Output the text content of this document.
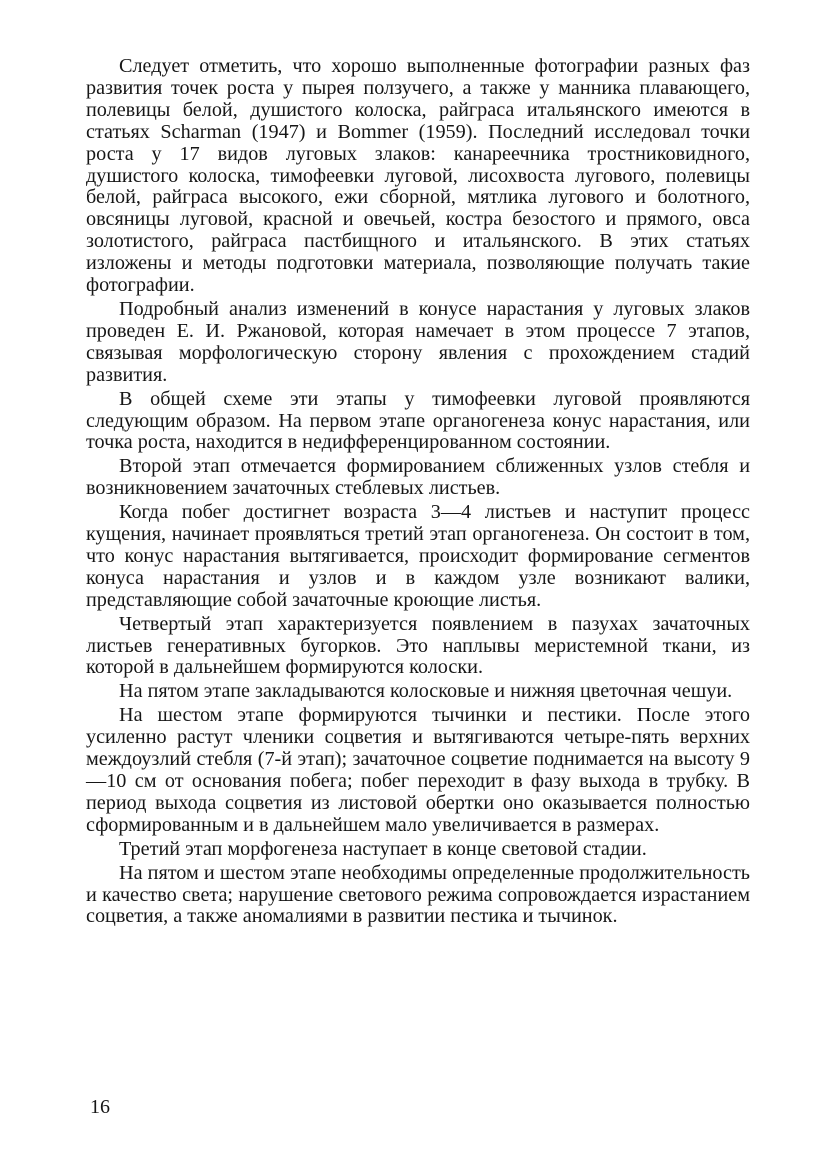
Следует отметить, что хорошо выполненные фотографии разных фаз развития точек роста у пырея ползучего, а также у манника плавающего, полевицы белой, душистого колоска, райграса итальянского имеются в статьях Scharman (1947) и Bommer (1959). Последний исследовал точки роста у 17 видов луговых злаков: канареечника тростниковидного, душистого колоска, тимофеевки луговой, лисохвоста лугового, полевицы белой, райграса высокого, ежи сборной, мятлика лугового и болотного, овсяницы луговой, красной и овечьей, костра безостого и прямого, овса золотистого, райграса пастбищного и итальянского. В этих статьях изложены и методы подготовки материала, позволяющие получать такие фотографии.

Подробный анализ изменений в конусе нарастания у луговых злаков проведен Е. И. Ржановой, которая намечает в этом процессе 7 этапов, связывая морфологическую сторону явления с прохождением стадий развития.

В общей схеме эти этапы у тимофеевки луговой проявляются следующим образом. На первом этапе органогенеза конус нарастания, или точка роста, находится в недифференцированном состоянии.

Второй этап отмечается формированием сближенных узлов стебля и возникновением зачаточных стеблевых листьев.

Когда побег достигнет возраста 3—4 листьев и наступит процесс кущения, начинает проявляться третий этап органогенеза. Он состоит в том, что конус нарастания вытягивается, происходит формирование сегментов конуса нарастания и узлов и в каждом узле возникают валики, представляющие собой зачаточные кроющие листья.

Четвертый этап характеризуется появлением в пазухах зачаточных листьев генеративных бугорков. Это наплывы меристемной ткани, из которой в дальнейшем формируются колоски.

На пятом этапе закладываются колосковые и нижняя цветочная чешуи.

На шестом этапе формируются тычинки и пестики. После этого усиленно растут членики соцветия и вытягиваются четыре-пять верхних междоузлий стебля (7-й этап); зачаточное соцветие поднимается на высоту 9—10 см от основания побега; побег переходит в фазу выхода в трубку. В период выхода соцветия из листовой обертки оно оказывается полностью сформированным и в дальнейшем мало увеличивается в размерах.

Третий этап морфогенеза наступает в конце световой стадии.

На пятом и шестом этапе необходимы определенные продолжительность и качество света; нарушение светового режима сопровождается израстанием соцветия, а также аномалиями в развитии пестика и тычинок.

16
